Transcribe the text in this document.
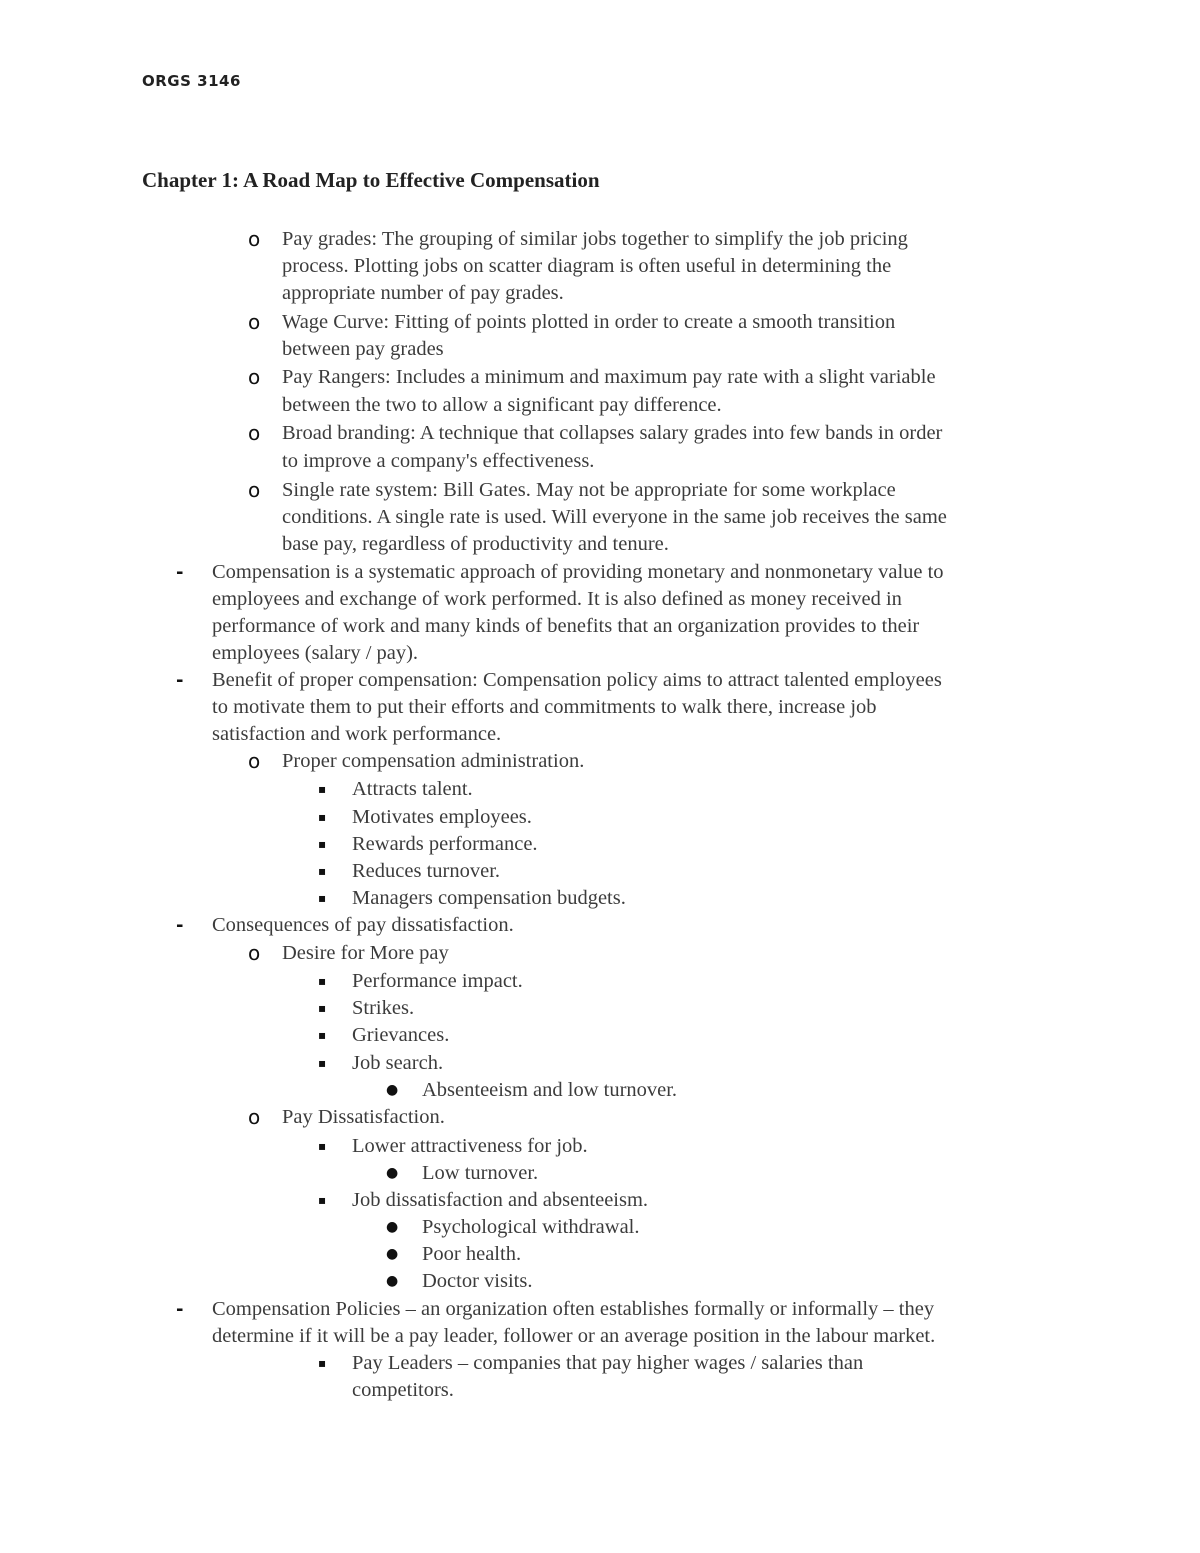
ORGS 3146
Chapter 1: A Road Map to Effective Compensation
o Pay grades: The grouping of similar jobs together to simplify the job pricing
process. Plotting jobs on scatter diagram is often useful in determining the
appropriate number of pay grades.
o Wage Curve: Fitting of points plotted in order to create a smooth transition
between pay grades
o Pay Rangers: Includes a minimum and maximum pay rate with a slight variable
between the two to allow a significant pay difference.
o Broad branding: A technique that collapses salary grades into few bands in order
to improve a company's effectiveness.
o Single rate system: Bill Gates. May not be appropriate for some workplace
conditions. A single rate is used. Will everyone in the same job receives the same
base pay, regardless of productivity and tenure.
- Compensation is a systematic approach of providing monetary and nonmonetary value to
employees and exchange of work performed. It is also defined as money received in
performance of work and many kinds of benefits that an organization provides to their
employees (salary / pay).
- Benefit of proper compensation: Compensation policy aims to attract talented employees
to motivate them to put their efforts and commitments to walk there, increase job
satisfaction and work performance.
o Proper compensation administration.
▪ Attracts talent.
▪ Motivates employees.
▪ Rewards performance.
▪ Reduces turnover.
▪ Managers compensation budgets.
- Consequences of pay dissatisfaction.
o Desire for More pay
▪ Performance impact.
▪ Strikes.
▪ Grievances.
▪ Job search.
● Absenteeism and low turnover.
o Pay Dissatisfaction.
▪ Lower attractiveness for job.
● Low turnover.
▪ Job dissatisfaction and absenteeism.
● Psychological withdrawal.
● Poor health.
● Doctor visits.
- Compensation Policies – an organization often establishes formally or informally – they
determine if it will be a pay leader, follower or an average position in the labour market.
▪ Pay Leaders – companies that pay higher wages / salaries than
competitors.
